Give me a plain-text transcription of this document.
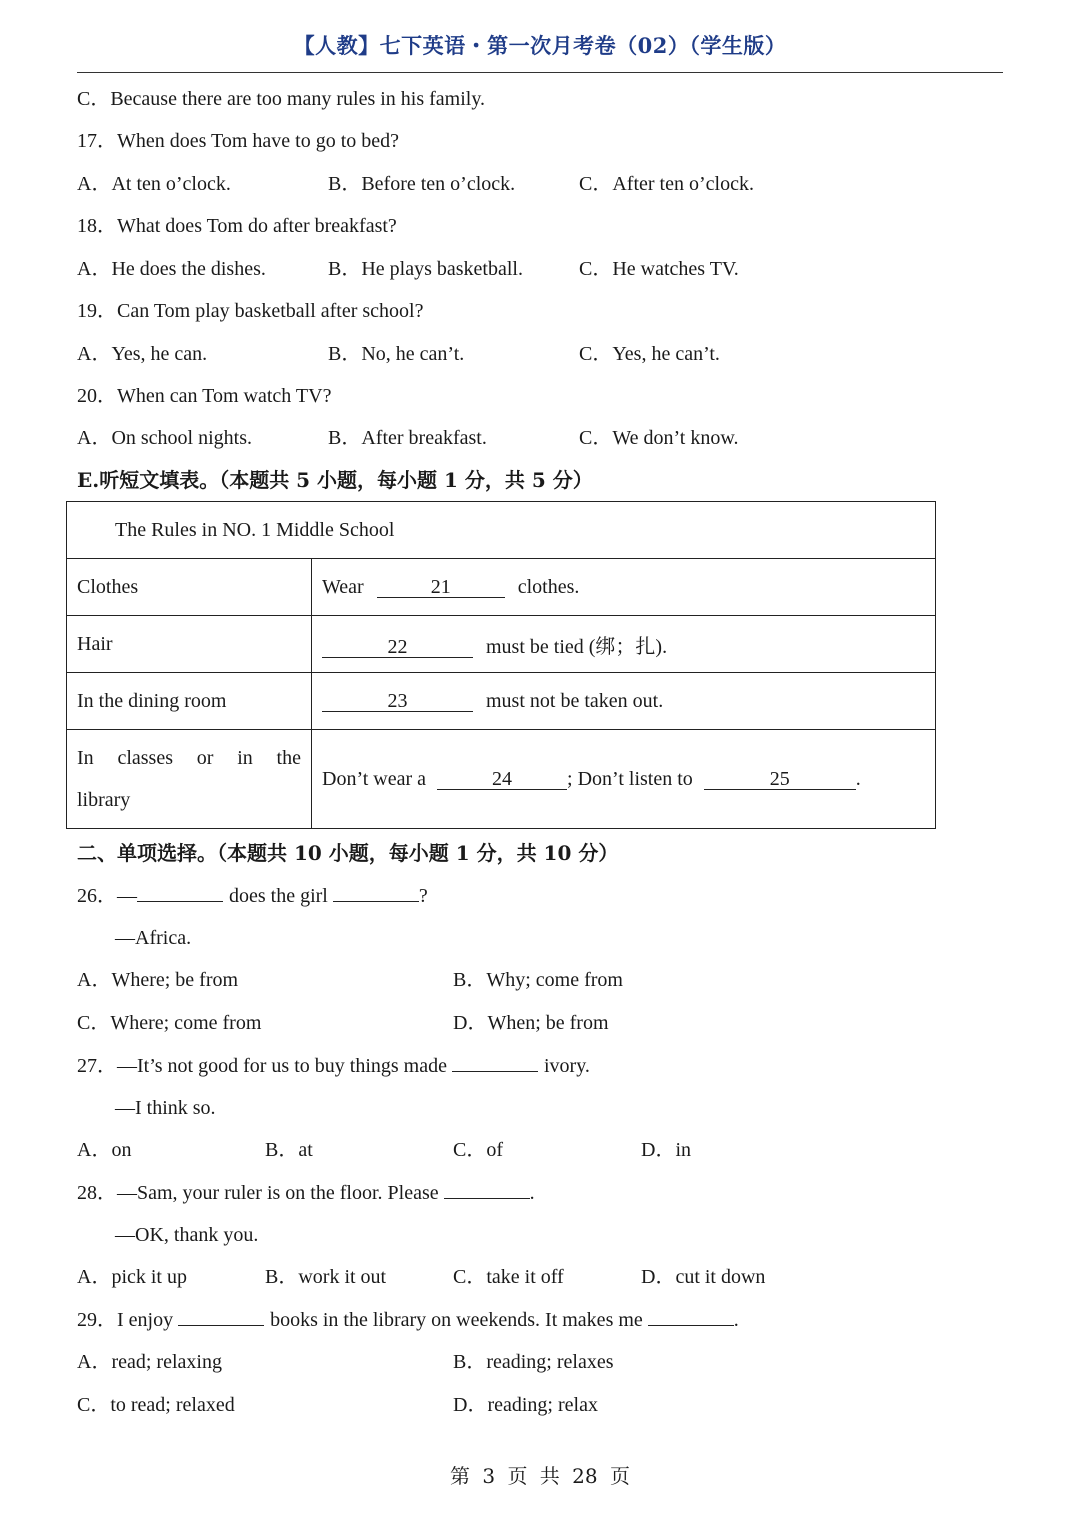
【人教】七下英语・第一次月考卷（02）（学生版）
C．Because there are too many rules in his family.
17．When does Tom have to go to bed?
A．At ten o’clock.	B．Before ten o’clock.	C．After ten o’clock.
18．What does Tom do after breakfast?
A．He does the dishes.	B．He plays basketball.	C．He watches TV.
19．Can Tom play basketball after school?
A．Yes, he can.	B．No, he can’t.	C．Yes, he can’t.
20．When can Tom watch TV?
A．On school nights.	B．After breakfast.	C．We don’t know.
E.听短文填表。（本题共 5 小题，每小题 1 分，共 5 分）
The Rules in NO. 1 Middle School	
Clothes	Wear 21 clothes.
Hair	22 must be tied (绑；扎).
In the dining room	23 must not be taken out.

In classes or in the
library	Don’t wear a 24 ; Don’t listen to 25 .
二、单项选择。（本题共 10 小题，每小题 1 分，共 10 分）
26．—	does the girl	?
—Africa.
A．Where; be from	B．Why; come from
C．Where; come from	D．When; be from
27．—It’s not good for us to buy things made	ivory.
—I think so.
A．on	B．at	C．of	D．in
28．—Sam, your ruler is on the floor. Please	.
—OK, thank you.
A．pick it up	B．work it out	C．take it off	D．cut it down
29．I enjoy	books in the library on weekends. It makes me	.
A．read; relaxing	B．reading; relaxes
C．to read; relaxed	D．reading; relax
第 3 页 共 28 页
